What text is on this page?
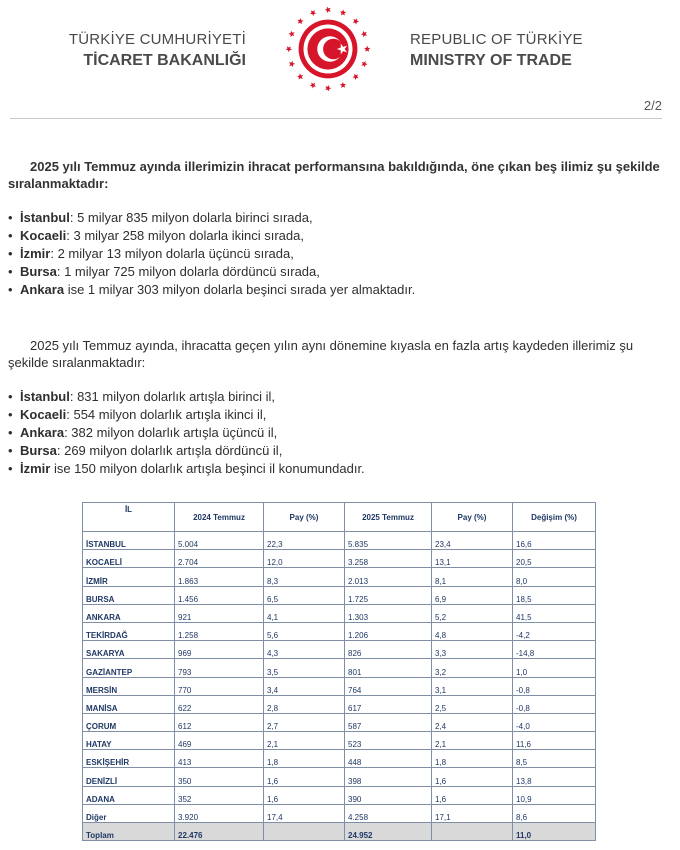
TÜRKİYE CUMHURİYETİ
TİCARET BAKANLIĞI
REPUBLIC OF TÜRKİYE
MINISTRY OF TRADE
2/2

2025 yılı Temmuz ayında illerimizin ihracat performansına bakıldığında, öne çıkan beş ilimiz şu şekilde sıralanmaktadır:

• İstanbul: 5 milyar 835 milyon dolarla birinci sırada,
• Kocaeli: 3 milyar 258 milyon dolarla ikinci sırada,
• İzmir: 2 milyar 13 milyon dolarla üçüncü sırada,
• Bursa: 1 milyar 725 milyon dolarla dördüncü sırada,
• Ankara ise 1 milyar 303 milyon dolarla beşinci sırada yer almaktadır.

2025 yılı Temmuz ayında, ihracatta geçen yılın aynı dönemine kıyasla en fazla artış kaydeden illerimiz şu şekilde sıralanmaktadır:

• İstanbul: 831 milyon dolarlık artışla birinci il,
• Kocaeli: 554 milyon dolarlık artışla ikinci il,
• Ankara: 382 milyon dolarlık artışla üçüncü il,
• Bursa: 269 milyon dolarlık artışla dördüncü il,
• İzmir ise 150 milyon dolarlık artışla beşinci il konumundadır.
İL	2024 Temmuz	Pay (%)	2025 Temmuz	Pay (%)	Değişim (%)
İSTANBUL	5.004	22,3	5.835	23,4	16,6
KOCAELİ	2.704	12,0	3.258	13,1	20,5
İZMİR	1.863	8,3	2.013	8,1	8,0
BURSA	1.456	6,5	1.725	6,9	18,5
ANKARA	921	4,1	1.303	5,2	41,5
TEKİRDAĞ	1.258	5,6	1.206	4,8	-4,2
SAKARYA	969	4,3	826	3,3	-14,8
GAZİANTEP	793	3,5	801	3,2	1,0
MERSİN	770	3,4	764	3,1	-0,8
MANİSA	622	2,8	617	2,5	-0,8
ÇORUM	612	2,7	587	2,4	-4,0
HATAY	469	2,1	523	2,1	11,6
ESKİŞEHİR	413	1,8	448	1,8	8,5
DENİZLİ	350	1,6	398	1,6	13,8
ADANA	352	1,6	390	1,6	10,9
Diğer	3.920	17,4	4.258	17,1	8,6
Toplam	22.476		24.952		11,0
